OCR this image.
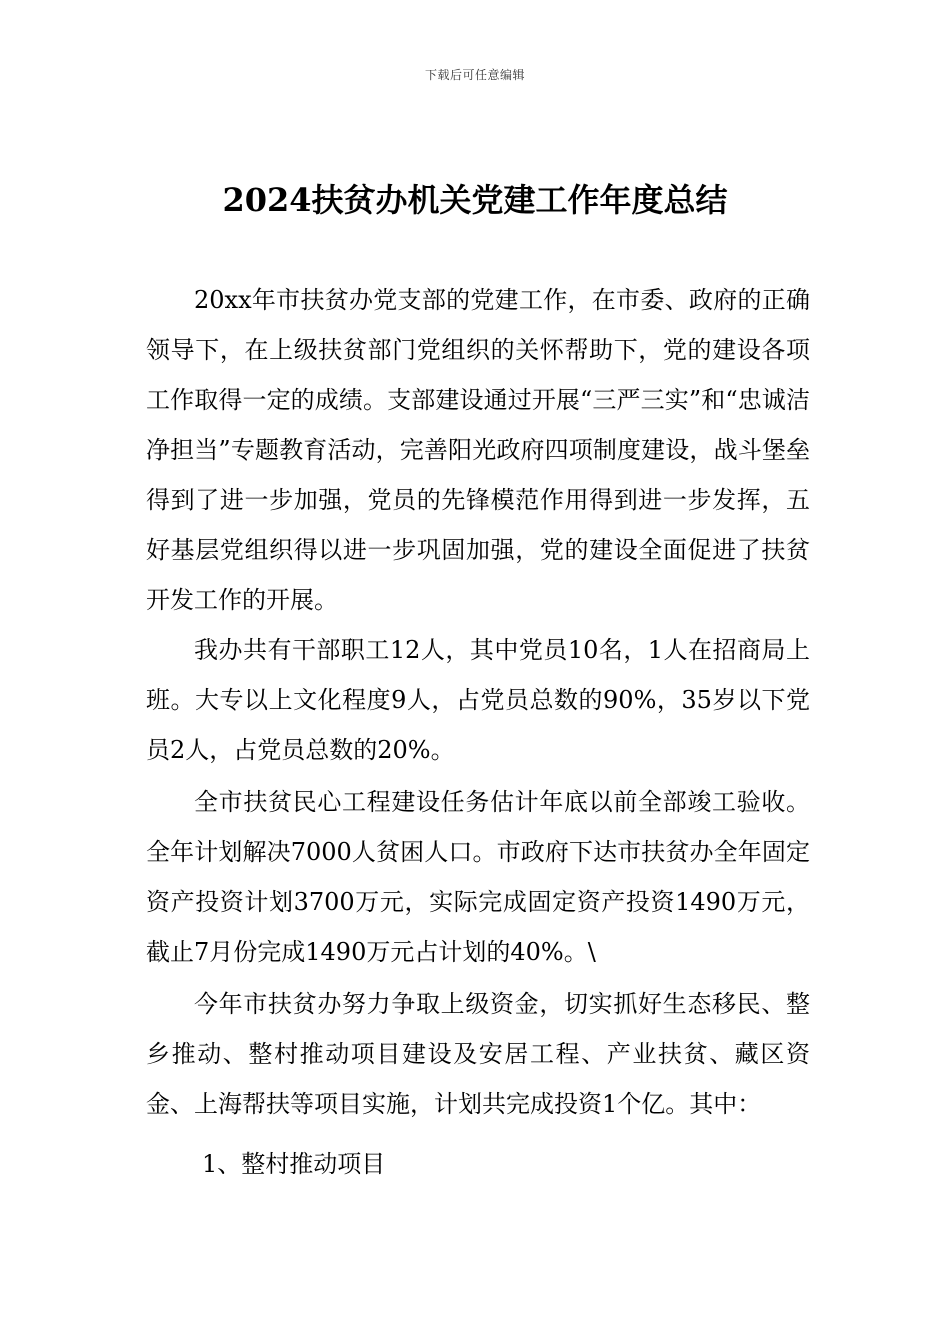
下载后可任意编辑
2024扶贫办机关党建工作年度总结

20xx年市扶贫办党支部的党建工作，在市委、政府的正确领导下，在上级扶贫部门党组织的关怀帮助下，党的建设各项工作取得一定的成绩。支部建设通过开展“三严三实”和“忠诚洁净担当”专题教育活动，完善阳光政府四项制度建设，战斗堡垒得到了进一步加强，党员的先锋模范作用得到进一步发挥，五好基层党组织得以进一步巩固加强，党的建设全面促进了扶贫开发工作的开展。

我办共有干部职工12人，其中党员10名，1人在招商局上班。大专以上文化程度9人，占党员总数的90%，35岁以下党员2人，占党员总数的20%。

全市扶贫民心工程建设任务估计年底以前全部竣工验收。全年计划解决7000人贫困人口。市政府下达市扶贫办全年固定资产投资计划3700万元，实际完成固定资产投资1490万元，截止7月份完成1490万元占计划的40%。\

今年市扶贫办努力争取上级资金，切实抓好生态移民、整乡推动、整村推动项目建设及安居工程、产业扶贫、藏区资金、上海帮扶等项目实施，计划共完成投资1个亿。其中：

1、整村推动项目
